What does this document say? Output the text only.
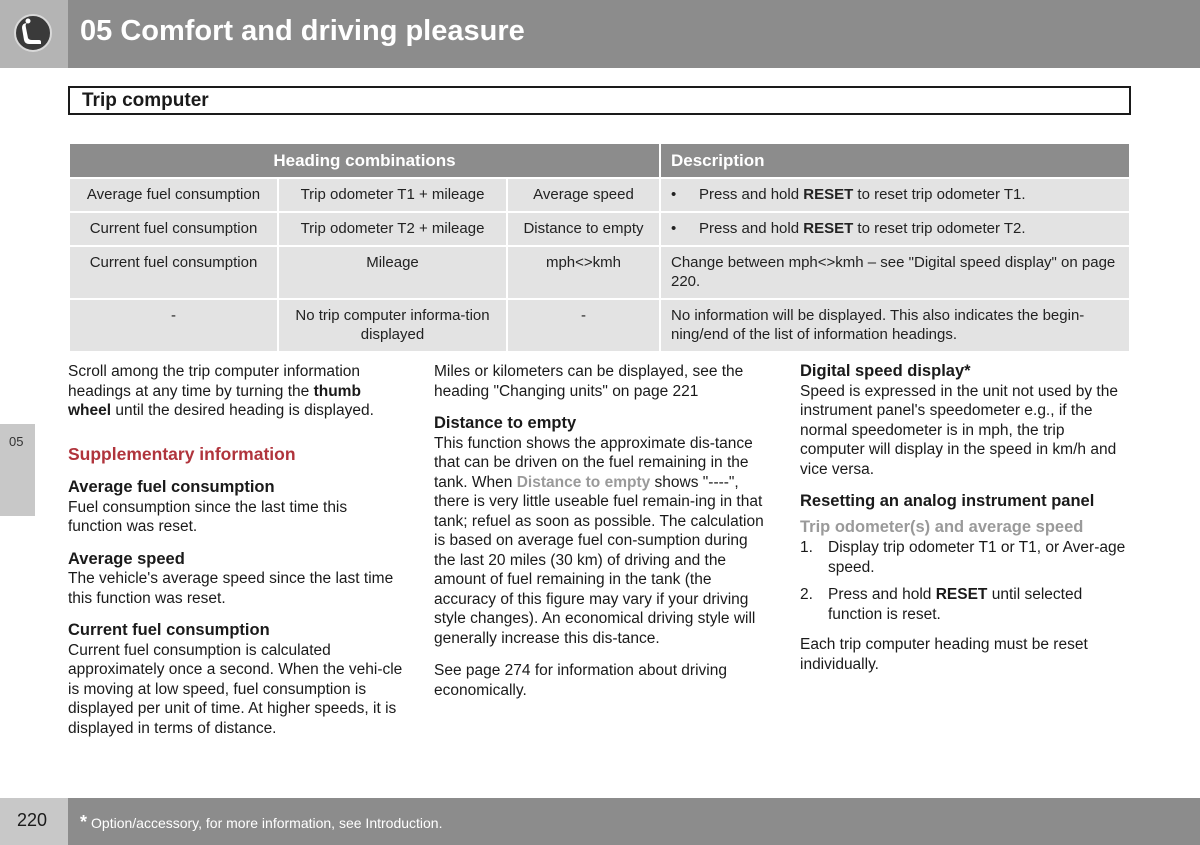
05 Comfort and driving pleasure
Trip computer
Heading combinations			Description
Average fuel consumption	Trip odometer T1 + mileage	Average speed	• Press and hold RESET to reset trip odometer T1.
Current fuel consumption	Trip odometer T2 + mileage	Distance to empty	• Press and hold RESET to reset trip odometer T2.
Current fuel consumption	Mileage	mph<>kmh	Change between mph<>kmh – see "Digital speed display" on page 220.
-	No trip computer informa-tion displayed	-	No information will be displayed. This also indicates the begin-ning/end of the list of information headings.

Scroll among the trip computer information headings at any time by turning the thumb wheel until the desired heading is displayed.

Supplementary information
Average fuel consumption

Fuel consumption since the last time this function was reset.

Average speed

The vehicle's average speed since the last time this function was reset.

Current fuel consumption

Current fuel consumption is calculated approximately once a second. When the vehi-cle is moving at low speed, fuel consumption is displayed per unit of time. At higher speeds, it is displayed in terms of distance.

Miles or kilometers can be displayed, see the heading "Changing units" on page 221

Distance to empty

This function shows the approximate dis-tance that can be driven on the fuel remaining in the tank. When Distance to empty shows "----", there is very little useable fuel remain-ing in that tank; refuel as soon as possible. The calculation is based on average fuel con-sumption during the last 20 miles (30 km) of driving and the amount of fuel remaining in the tank (the accuracy of this figure may vary if your driving style changes). An economical driving style will generally increase this dis-tance.

See page 274 for information about driving economically.

Digital speed display*

Speed is expressed in the unit not used by the instrument panel's speedometer e.g., if the normal speedometer is in mph, the trip computer will display in the speed in km/h and vice versa.

Resetting an analog instrument panel
Trip odometer(s) and average speed
1. Display trip odometer T1 or T1, or Aver-age speed.
2. Press and hold RESET until selected function is reset.

Each trip computer heading must be reset individually.

05
220 * Option/accessory, for more information, see Introduction.
